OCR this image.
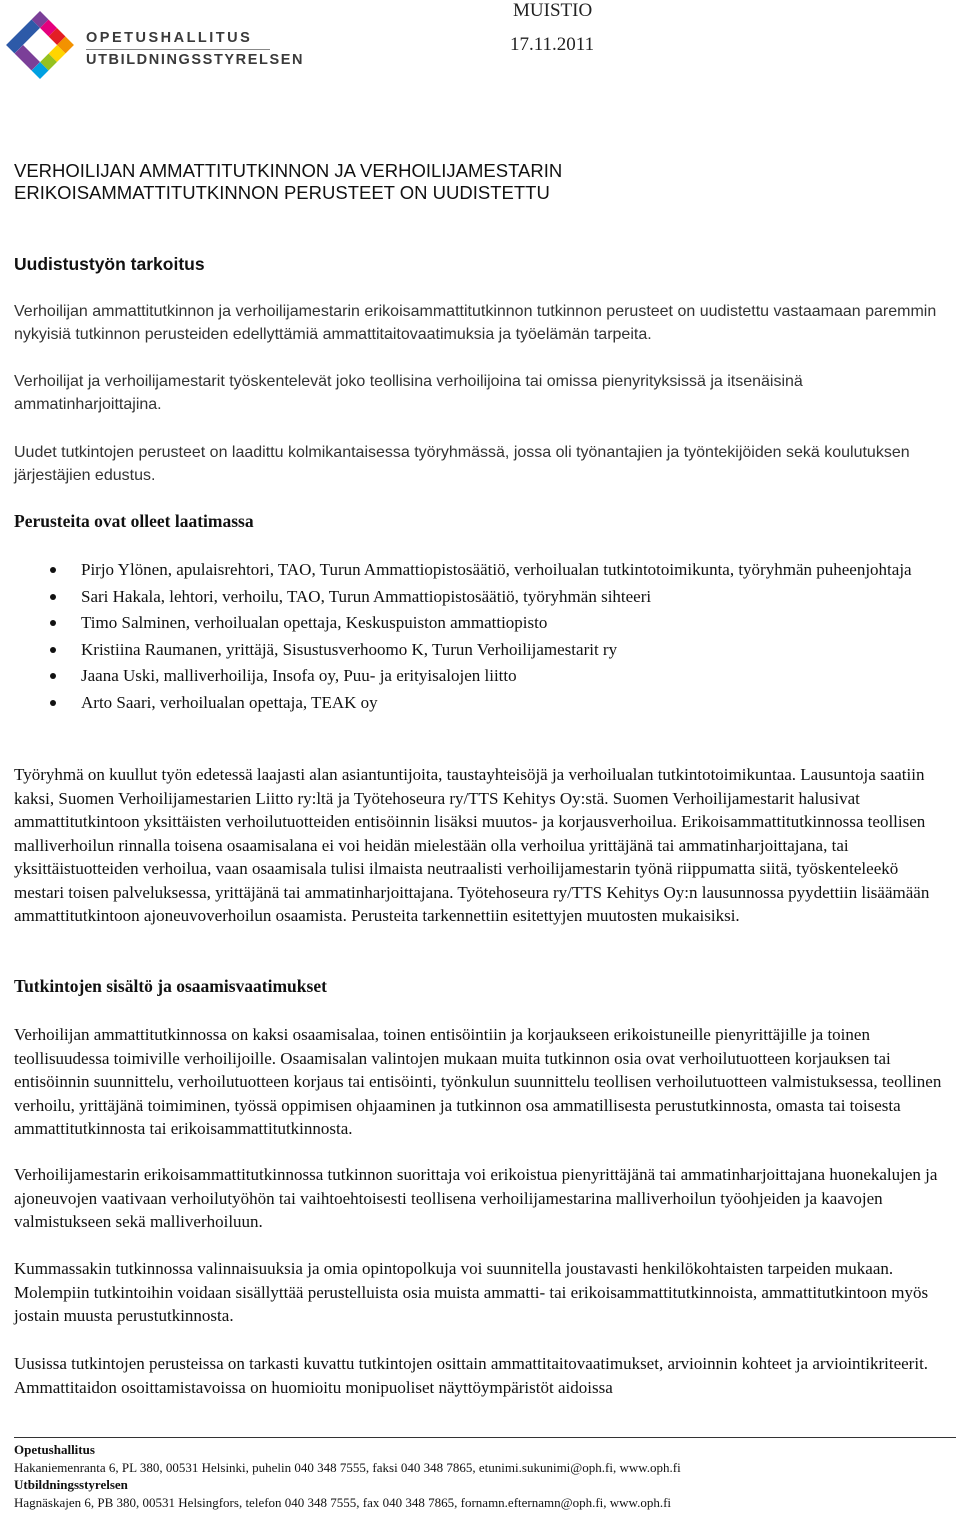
OPETUSHALLITUS
UTBILDNINGSSTYRELSEN
MUISTIO
17.11.2011
VERHOILIJAN AMMATTITUTKINNON JA VERHOILIJAMESTARIN
ERIKOISAMMATTITUTKINNON PERUSTEET ON UUDISTETTU
Uudistustyön tarkoitus
Verhoilijan ammattitutkinnon ja verhoilijamestarin erikoisammattitutkinnon tutkinnon perusteet on uudistettu vastaamaan paremmin nykyisiä tutkinnon perusteiden edellyttämiä ammattitaitovaatimuksia ja työelämän tarpeita.
Verhoilijat ja verhoilijamestarit työskentelevät joko teollisina verhoilijoina tai omissa pienyrityksissä ja itsenäisinä ammatinharjoittajina.
Uudet tutkintojen perusteet on laadittu kolmikantaisessa työryhmässä, jossa oli työnantajien ja työntekijöiden sekä koulutuksen järjestäjien edustus.
Perusteita ovat olleet laatimassa
Pirjo Ylönen, apulaisrehtori, TAO, Turun Ammattiopistosäätiö, verhoilualan tutkintotoimikunta, työryhmän puheenjohtaja
Sari Hakala, lehtori, verhoilu, TAO, Turun Ammattiopistosäätiö, työryhmän sihteeri
Timo Salminen, verhoilualan opettaja, Keskuspuiston ammattiopisto
Kristiina Raumanen, yrittäjä, Sisustusverhoomo K, Turun Verhoilijamestarit ry
Jaana Uski, malliverhoilija, Insofa oy, Puu- ja erityisalojen liitto
Arto Saari, verhoilualan opettaja, TEAK oy
Työryhmä on kuullut työn edetessä laajasti alan asiantuntijoita, taustayhteisöjä ja verhoilualan tutkintotoimikuntaa. Lausuntoja saatiin kaksi, Suomen Verhoilijamestarien Liitto ry:ltä ja Työtehoseura ry/TTS Kehitys Oy:stä. Suomen Verhoilijamestarit halusivat ammattitutkintoon yksittäisten verhoilutuotteiden entisöinnin lisäksi muutos- ja korjausverhoilua. Erikoisammattitutkinnossa teollisen malliverhoilun rinnalla toisena osaamisalana ei voi heidän mielestään olla verhoilua yrittäjänä tai ammatinharjoittajana, tai yksittäistuotteiden verhoilua, vaan osaamisala tulisi ilmaista neutraalisti verhoilijamestarin työnä riippumatta siitä, työskenteleekö mestari toisen palveluksessa, yrittäjänä tai ammatinharjoittajana. Työtehoseura ry/TTS Kehitys Oy:n lausunnossa pyydettiin lisäämään ammattitutkintoon ajoneuvoverhoilun osaamista. Perusteita tarkennettiin esitettyjen muutosten mukaisiksi.
Tutkintojen sisältö ja osaamisvaatimukset
Verhoilijan ammattitutkinnossa on kaksi osaamisalaa, toinen entisöintiin ja korjaukseen erikoistuneille pienyrittäjille ja toinen teollisuudessa toimiville verhoilijoille. Osaamisalan valintojen mukaan muita tutkinnon osia ovat verhoilutuotteen korjauksen tai entisöinnin suunnittelu, verhoilutuotteen korjaus tai entisöinti, työnkulun suunnittelu teollisen verhoilutuotteen valmistuksessa, teollinen verhoilu, yrittäjänä toimiminen, työssä oppimisen ohjaaminen ja tutkinnon osa ammatillisesta perustutkinnosta, omasta tai toisesta ammattitutkinnosta tai erikoisammattitutkinnosta.
Verhoilijamestarin erikoisammattitutkinnossa tutkinnon suorittaja voi erikoistua pienyrittäjänä tai ammatinharjoittajana huonekalujen ja ajoneuvojen vaativaan verhoilutyöhön tai vaihtoehtoisesti teollisena verhoilijamestarina malliverhoilun työohjeiden ja kaavojen valmistukseen sekä malliverhoiluun.
Kummassakin tutkinnossa valinnaisuuksia ja omia opintopolkuja voi suunnitella joustavasti henkilökohtaisten tarpeiden mukaan. Molempiin tutkintoihin voidaan sisällyttää perustelluista osia muista ammatti- tai erikoisammattitutkinnoista, ammattitutkintoon myös jostain muusta perustutkinnosta.
Uusissa tutkintojen perusteissa on tarkasti kuvattu tutkintojen osittain ammattitaitovaatimukset, arvioinnin kohteet ja arviointikriteerit. Ammattitaidon osoittamistavoissa on huomioitu monipuoliset näyttöympäristöt aidoissa
Opetushallitus
Hakaniemenranta 6, PL 380, 00531 Helsinki, puhelin 040 348 7555, faksi 040 348 7865, etunimi.sukunimi@oph.fi, www.oph.fi
Utbildningsstyrelsen
Hagnäskajen 6, PB 380, 00531 Helsingfors, telefon 040 348 7555, fax 040 348 7865, fornamn.efternamn@oph.fi, www.oph.fi
